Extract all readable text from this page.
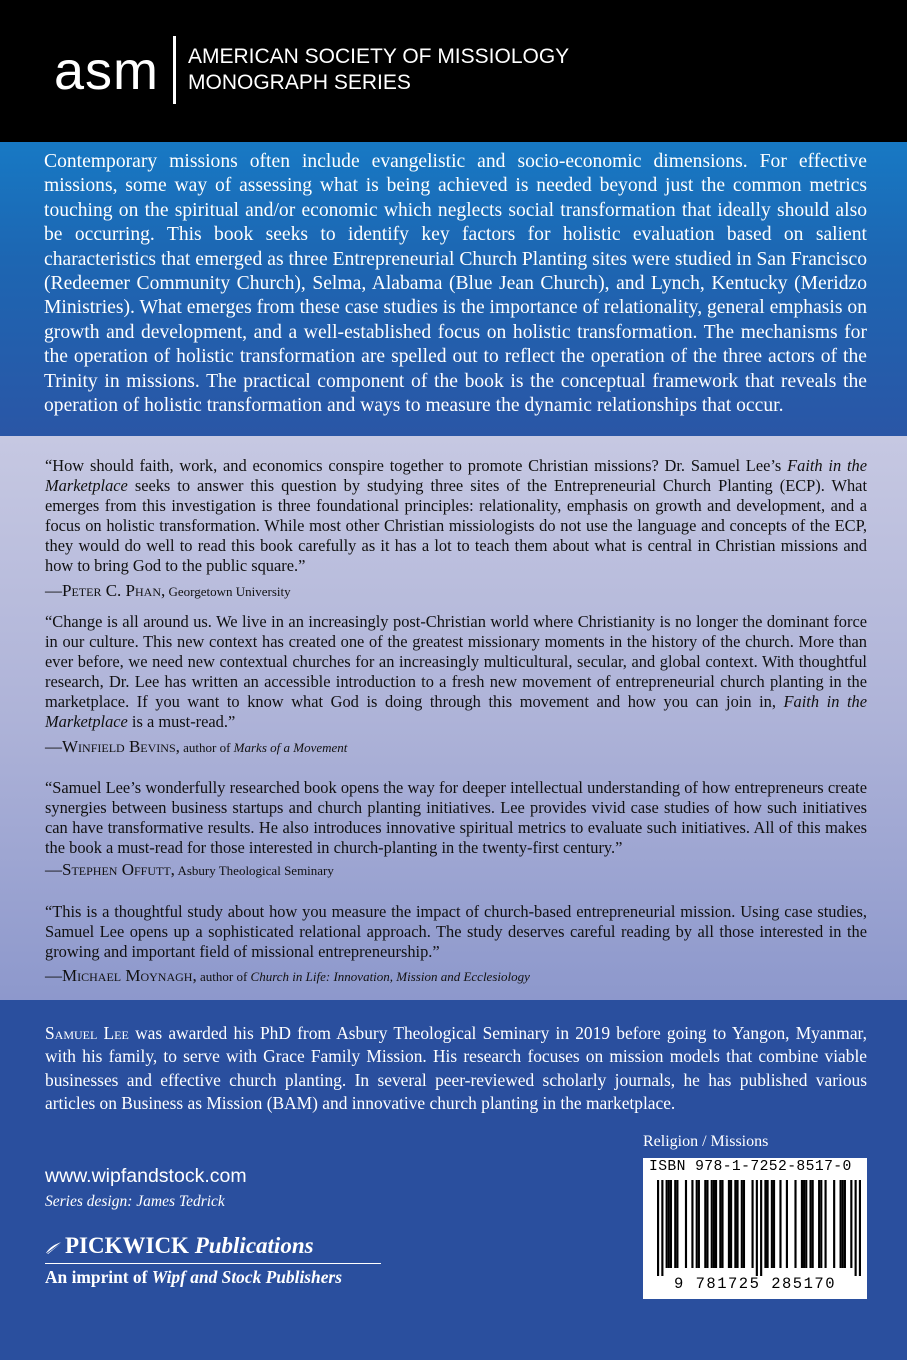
asm AMERICAN SOCIETY OF MISSIOLOGY
MONOGRAPH SERIES

Contemporary missions often include evangelistic and socio-economic dimensions. For effective missions, some way of assessing what is being achieved is needed beyond just the common metrics touching on the spiritual and/or economic which neglects social transformation that ideally should also be occurring. This book seeks to identify key factors for holistic evaluation based on salient characteristics that emerged as three Entrepreneurial Church Planting sites were studied in San Francisco (Redeemer Community Church), Selma, Alabama (Blue Jean Church), and Lynch, Kentucky (Meridzo Ministries). What emerges from these case studies is the importance of relationality, general emphasis on growth and development, and a well-established focus on holistic transformation. The mechanisms for the operation of holistic transformation are spelled out to reflect the operation of the three actors of the Trinity in missions. The practical component of the book is the conceptual framework that reveals the operation of holistic transformation and ways to measure the dynamic relationships that occur.

“How should faith, work, and economics conspire together to promote Christian missions? Dr. Samuel Lee’s Faith in the Marketplace seeks to answer this question by studying three sites of the Entrepreneurial Church Planting (ECP). What emerges from this investigation is three foundational principles: relationality, emphasis on growth and development, and a focus on holistic transformation. While most other Christian missiologists do not use the language and concepts of the ECP, they would do well to read this book carefully as it has a lot to teach them about what is central in Christian missions and how to bring God to the public square.”

—Peter C. Phan, Georgetown University

“Change is all around us. We live in an increasingly post-Christian world where Christianity is no longer the dominant force in our culture. This new context has created one of the greatest missionary moments in the history of the church. More than ever before, we need new contextual churches for an increasingly multicultural, secular, and global context. With thoughtful research, Dr. Lee has written an accessible introduction to a fresh new movement of entrepreneurial church planting in the marketplace. If you want to know what God is doing through this movement and how you can join in, Faith in the Marketplace is a must-read.”

—Winfield Bevins, author of Marks of a Movement

“Samuel Lee’s wonderfully researched book opens the way for deeper intellectual understanding of how entrepreneurs create synergies between business startups and church planting initiatives. Lee provides vivid case studies of how such initiatives can have transformative results. He also introduces innovative spiritual metrics to evaluate such initiatives. All of this makes the book a must-read for those interested in church-planting in the twenty-first century.”

—Stephen Offutt, Asbury Theological Seminary

“This is a thoughtful study about how you measure the impact of church-based entrepreneurial mission. Using case studies, Samuel Lee opens up a sophisticated relational approach. The study deserves careful reading by all those interested in the growing and important field of missional entrepreneurship.”

—Michael Moynagh, author of Church in Life: Innovation, Mission and Ecclesiology

Samuel Lee was awarded his PhD from Asbury Theological Seminary in 2019 before going to Yangon, Myanmar, with his family, to serve with Grace Family Mission. His research focuses on mission models that combine viable businesses and effective church planting. In several peer-reviewed scholarly journals, he has published various articles on Business as Mission (BAM) and innovative church planting in the marketplace.

Religion / Missions
www.wipfandstock.com
Series design: James Tedrick
PICKWICK Publications
An imprint of Wipf and Stock Publishers
ISBN 978-1-7252-8517-0
9 781725 285170
